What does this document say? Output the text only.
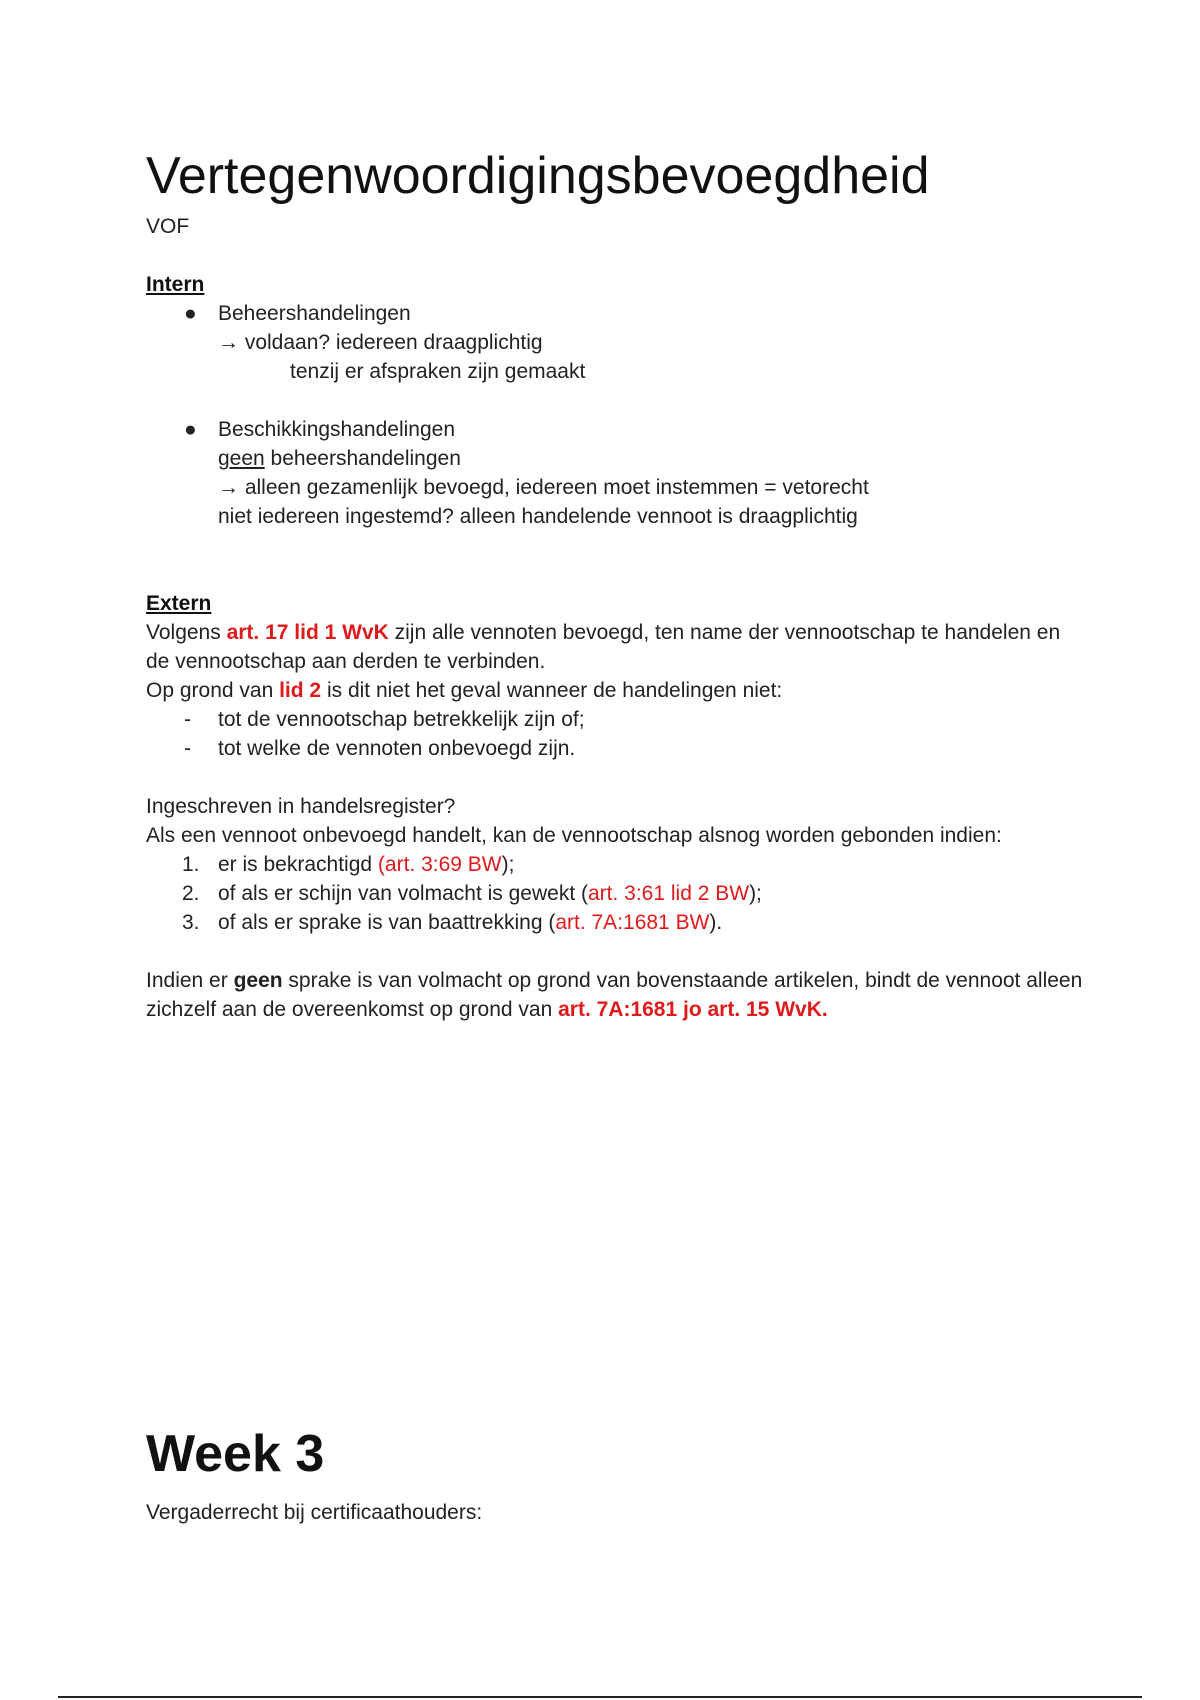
Vertegenwoordigingsbevoegdheid
VOF

Intern

● Beheershandelingen
→ voldaan? iedereen draagplichtig

tenzij er afspraken zijn gemaakt
● Beschikkingshandelingen
geen beheershandelingen
→ alleen gezamenlijk bevoegd, iedereen moet instemmen = vetorecht
niet iedereen ingestemd? alleen handelende vennoot is draagplichtig

Extern

Volgens art. 17 lid 1 WvK zijn alle vennoten bevoegd, ten name der vennootschap te handelen en de vennootschap aan derden te verbinden.

Op grond van lid 2 is dit niet het geval wanneer de handelingen niet:

- tot de vennootschap betrekkelijk zijn of;
- tot welke de vennoten onbevoegd zijn.

Ingeschreven in handelsregister?

Als een vennoot onbevoegd handelt, kan de vennootschap alsnog worden gebonden indien:

1. er is bekrachtigd (art. 3:69 BW);
2. of als er schijn van volmacht is gewekt (art. 3:61 lid 2 BW);
3. of als er sprake is van baattrekking (art. 7A:1681 BW).

Indien er geen sprake is van volmacht op grond van bovenstaande artikelen, bindt de vennoot alleen zichzelf aan de overeenkomst op grond van art. 7A:1681 jo art. 15 WvK.

Week 3

Vergaderrecht bij certificaathouders:
